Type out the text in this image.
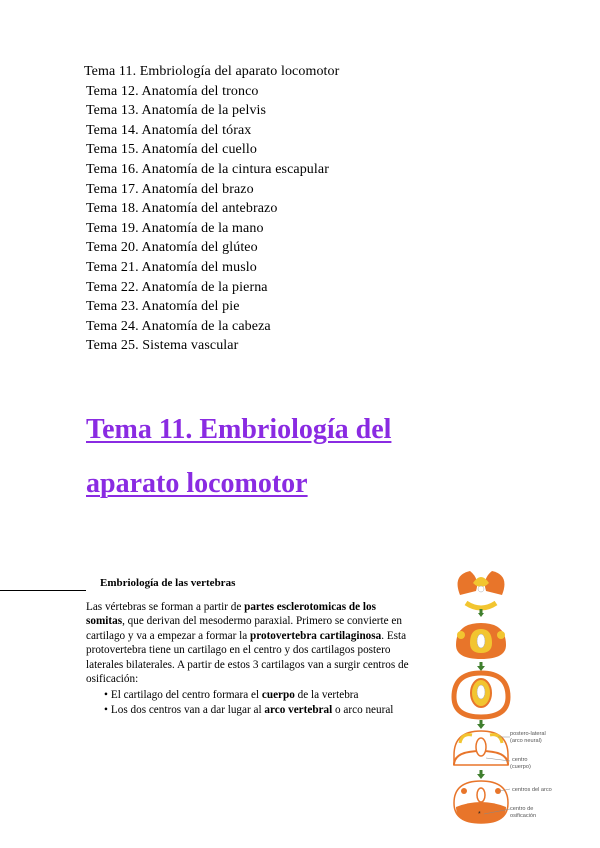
Tema 11. Embriología del aparato locomotor
Tema 12. Anatomía del tronco
Tema 13. Anatomía de la pelvis
Tema 14. Anatomía del tórax
Tema 15. Anatomía del cuello
Tema 16. Anatomía de la cintura escapular
Tema 17. Anatomía del brazo
Tema 18. Anatomía del antebrazo
Tema 19. Anatomía de la mano
Tema 20. Anatomía del glúteo
Tema 21. Anatomía del muslo
Tema 22. Anatomía de la pierna
Tema 23. Anatomía del pie
Tema 24. Anatomía de la cabeza
Tema 25. Sistema vascular
Tema 11. Embriología del
aparato locomotor

Embriología de las vertebras

Las vértebras se forman a partir de partes esclerotomicas de los somitas, que derivan del mesodermo paraxial. Primero se convierte en cartilago y va a empezar a formar la protovertebra cartilaginosa. Esta protovertebra tiene un cartilago en el centro y dos cartilagos postero laterales bilaterales. A partir de estos 3 cartilagos van a surgir centros de osificación:

• El cartilago del centro formara el cuerpo de la vertebra
• Los dos centros van a dar lugar al arco vertebral o arco neural
postero-lateral
(arco neural)
centro
(cuerpo)
*
centros del arco
centro de
osificación
